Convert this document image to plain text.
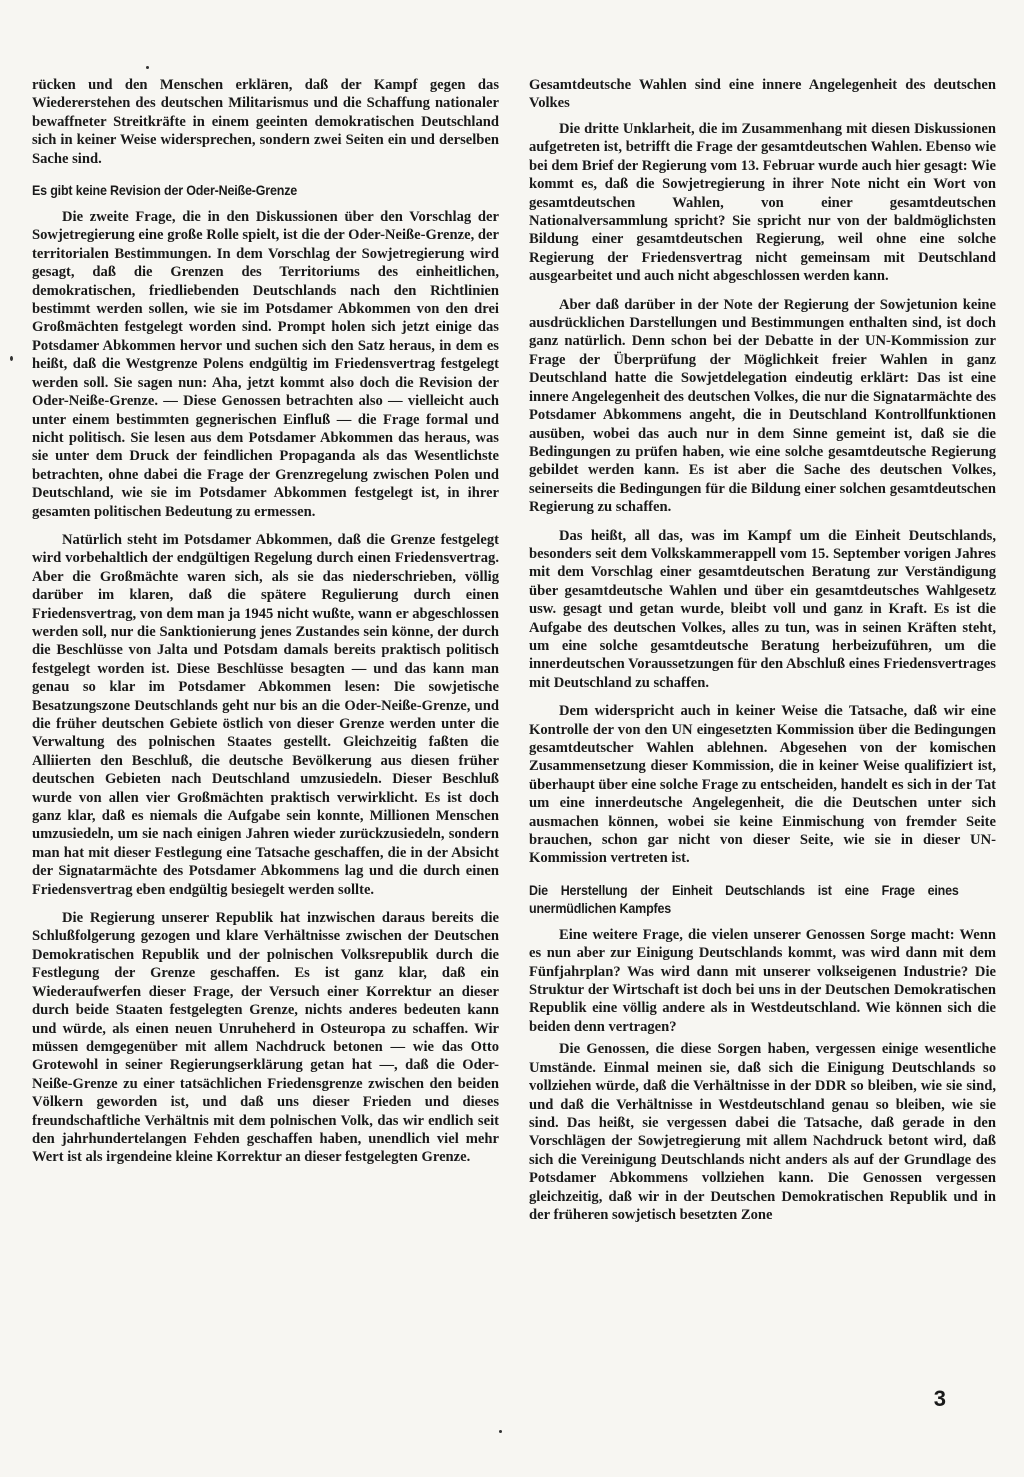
rücken und den Menschen erklären, daß der Kampf gegen das Wiedererstehen des deutschen Militarismus und die Schaffung nationaler bewaffneter Streitkräfte in einem geeinten demokratischen Deutschland sich in keiner Weise widersprechen, sondern zwei Seiten ein und derselben Sache sind.

Es gibt keine Revision der Oder-Neiße-Grenze

Die zweite Frage, die in den Diskussionen über den Vorschlag der Sowjetregierung eine große Rolle spielt, ist die der Oder-Neiße-Grenze, der territorialen Bestimmungen. In dem Vorschlag der Sowjetregierung wird gesagt, daß die Grenzen des Territoriums des einheitlichen, demokratischen, friedliebenden Deutschlands nach den Richtlinien bestimmt werden sollen, wie sie im Potsdamer Abkommen von den drei Großmächten festgelegt worden sind. Prompt holen sich jetzt einige das Potsdamer Abkommen hervor und suchen sich den Satz heraus, in dem es heißt, daß die Westgrenze Polens endgültig im Friedensvertrag festgelegt werden soll. Sie sagen nun: Aha, jetzt kommt also doch die Revision der Oder-Neiße-Grenze. — Diese Genossen betrachten also — vielleicht auch unter einem bestimmten gegnerischen Einfluß — die Frage formal und nicht politisch. Sie lesen aus dem Potsdamer Abkommen das heraus, was sie unter dem Druck der feindlichen Propaganda als das Wesentlichste betrachten, ohne dabei die Frage der Grenzregelung zwischen Polen und Deutschland, wie sie im Potsdamer Abkommen festgelegt ist, in ihrer gesamten politischen Bedeutung zu ermessen.

Natürlich steht im Potsdamer Abkommen, daß die Grenze festgelegt wird vorbehaltlich der endgültigen Regelung durch einen Friedensvertrag. Aber die Großmächte waren sich, als sie das niederschrieben, völlig darüber im klaren, daß die spätere Regulierung durch einen Friedensvertrag, von dem man ja 1945 nicht wußte, wann er abgeschlossen werden soll, nur die Sanktionierung jenes Zustandes sein könne, der durch die Beschlüsse von Jalta und Potsdam damals bereits praktisch politisch festgelegt worden ist. Diese Beschlüsse besagten — und das kann man genau so klar im Potsdamer Abkommen lesen: Die sowjetische Besatzungszone Deutschlands geht nur bis an die Oder-Neiße-Grenze, und die früher deutschen Gebiete östlich von dieser Grenze werden unter die Verwaltung des polnischen Staates gestellt. Gleichzeitig faßten die Alliierten den Beschluß, die deutsche Bevölkerung aus diesen früher deutschen Gebieten nach Deutschland umzusiedeln. Dieser Beschluß wurde von allen vier Großmächten praktisch verwirklicht. Es ist doch ganz klar, daß es niemals die Aufgabe sein konnte, Millionen Menschen umzusiedeln, um sie nach einigen Jahren wieder zurückzusiedeln, sondern man hat mit dieser Festlegung eine Tatsache geschaffen, die in der Absicht der Signatarmächte des Potsdamer Abkommens lag und die durch einen Friedensvertrag eben endgültig besiegelt werden sollte.

Die Regierung unserer Republik hat inzwischen daraus bereits die Schlußfolgerung gezogen und klare Verhältnisse zwischen der Deutschen Demokratischen Republik und der polnischen Volksrepublik durch die Festlegung der Grenze geschaffen. Es ist ganz klar, daß ein Wiederaufwerfen dieser Frage, der Versuch einer Korrektur an dieser durch beide Staaten festgelegten Grenze, nichts anderes bedeuten kann und würde, als einen neuen Unruheherd in Osteuropa zu schaffen. Wir müssen demgegenüber mit allem Nachdruck betonen — wie das Otto Grotewohl in seiner Regierungserklärung getan hat —, daß die Oder-Neiße-Grenze zu einer tatsächlichen Friedensgrenze zwischen den beiden Völkern geworden ist, und daß uns dieser Frieden und dieses freundschaftliche Verhältnis mit dem polnischen Volk, das wir endlich seit den jahrhundertelangen Fehden geschaffen haben, unendlich viel mehr Wert ist als irgendeine kleine Korrektur an dieser festgelegten Grenze.

Gesamtdeutsche Wahlen sind eine innere Angelegenheit des deutschen Volkes

Die dritte Unklarheit, die im Zusammenhang mit diesen Diskussionen aufgetreten ist, betrifft die Frage der gesamtdeutschen Wahlen. Ebenso wie bei dem Brief der Regierung vom 13. Februar wurde auch hier gesagt: Wie kommt es, daß die Sowjetregierung in ihrer Note nicht ein Wort von gesamtdeutschen Wahlen, von einer gesamtdeutschen Nationalversammlung spricht? Sie spricht nur von der baldmöglichsten Bildung einer gesamtdeutschen Regierung, weil ohne eine solche Regierung der Friedensvertrag nicht gemeinsam mit Deutschland ausgearbeitet und auch nicht abgeschlossen werden kann.

Aber daß darüber in der Note der Regierung der Sowjetunion keine ausdrücklichen Darstellungen und Bestimmungen enthalten sind, ist doch ganz natürlich. Denn schon bei der Debatte in der UN-Kommission zur Frage der Überprüfung der Möglichkeit freier Wahlen in ganz Deutschland hatte die Sowjetdelegation eindeutig erklärt: Das ist eine innere Angelegenheit des deutschen Volkes, die nur die Signatarmächte des Potsdamer Abkommens angeht, die in Deutschland Kontrollfunktionen ausüben, wobei das auch nur in dem Sinne gemeint ist, daß sie die Bedingungen zu prüfen haben, wie eine solche gesamtdeutsche Regierung gebildet werden kann. Es ist aber die Sache des deutschen Volkes, seinerseits die Bedingungen für die Bildung einer solchen gesamtdeutschen Regierung zu schaffen.

Das heißt, all das, was im Kampf um die Einheit Deutschlands, besonders seit dem Volkskammerappell vom 15. September vorigen Jahres mit dem Vorschlag einer gesamtdeutschen Beratung zur Verständigung über gesamtdeutsche Wahlen und über ein gesamtdeutsches Wahlgesetz usw. gesagt und getan wurde, bleibt voll und ganz in Kraft. Es ist die Aufgabe des deutschen Volkes, alles zu tun, was in seinen Kräften steht, um eine solche gesamtdeutsche Beratung herbeizuführen, um die innerdeutschen Voraussetzungen für den Abschluß eines Friedensvertrages mit Deutschland zu schaffen.

Dem widerspricht auch in keiner Weise die Tatsache, daß wir eine Kontrolle der von den UN eingesetzten Kommission über die Bedingungen gesamtdeutscher Wahlen ablehnen. Abgesehen von der komischen Zusammensetzung dieser Kommission, die in keiner Weise qualifiziert ist, überhaupt über eine solche Frage zu entscheiden, handelt es sich in der Tat um eine innerdeutsche Angelegenheit, die die Deutschen unter sich ausmachen können, wobei sie keine Einmischung von fremder Seite brauchen, schon gar nicht von dieser Seite, wie sie in dieser UN-Kommission vertreten ist.

Die Herstellung der Einheit Deutschlands ist eine Frage eines unermüdlichen Kampfes

Eine weitere Frage, die vielen unserer Genossen Sorge macht: Wenn es nun aber zur Einigung Deutschlands kommt, was wird dann mit dem Fünfjahrplan? Was wird dann mit unserer volkseigenen Industrie? Die Struktur der Wirtschaft ist doch bei uns in der Deutschen Demokratischen Republik eine völlig andere als in Westdeutschland. Wie können sich die beiden denn vertragen?

Die Genossen, die diese Sorgen haben, vergessen einige wesentliche Umstände. Einmal meinen sie, daß sich die Einigung Deutschlands so vollziehen würde, daß die Verhältnisse in der DDR so bleiben, wie sie sind, und daß die Verhältnisse in Westdeutschland genau so bleiben, wie sie sind. Das heißt, sie vergessen dabei die Tatsache, daß gerade in den Vorschlägen der Sowjetregierung mit allem Nachdruck betont wird, daß sich die Vereinigung Deutschlands nicht anders als auf der Grundlage des Potsdamer Abkommens vollziehen kann. Die Genossen vergessen gleichzeitig, daß wir in der Deutschen Demokratischen Republik und in der früheren sowjetisch besetzten Zone

3
